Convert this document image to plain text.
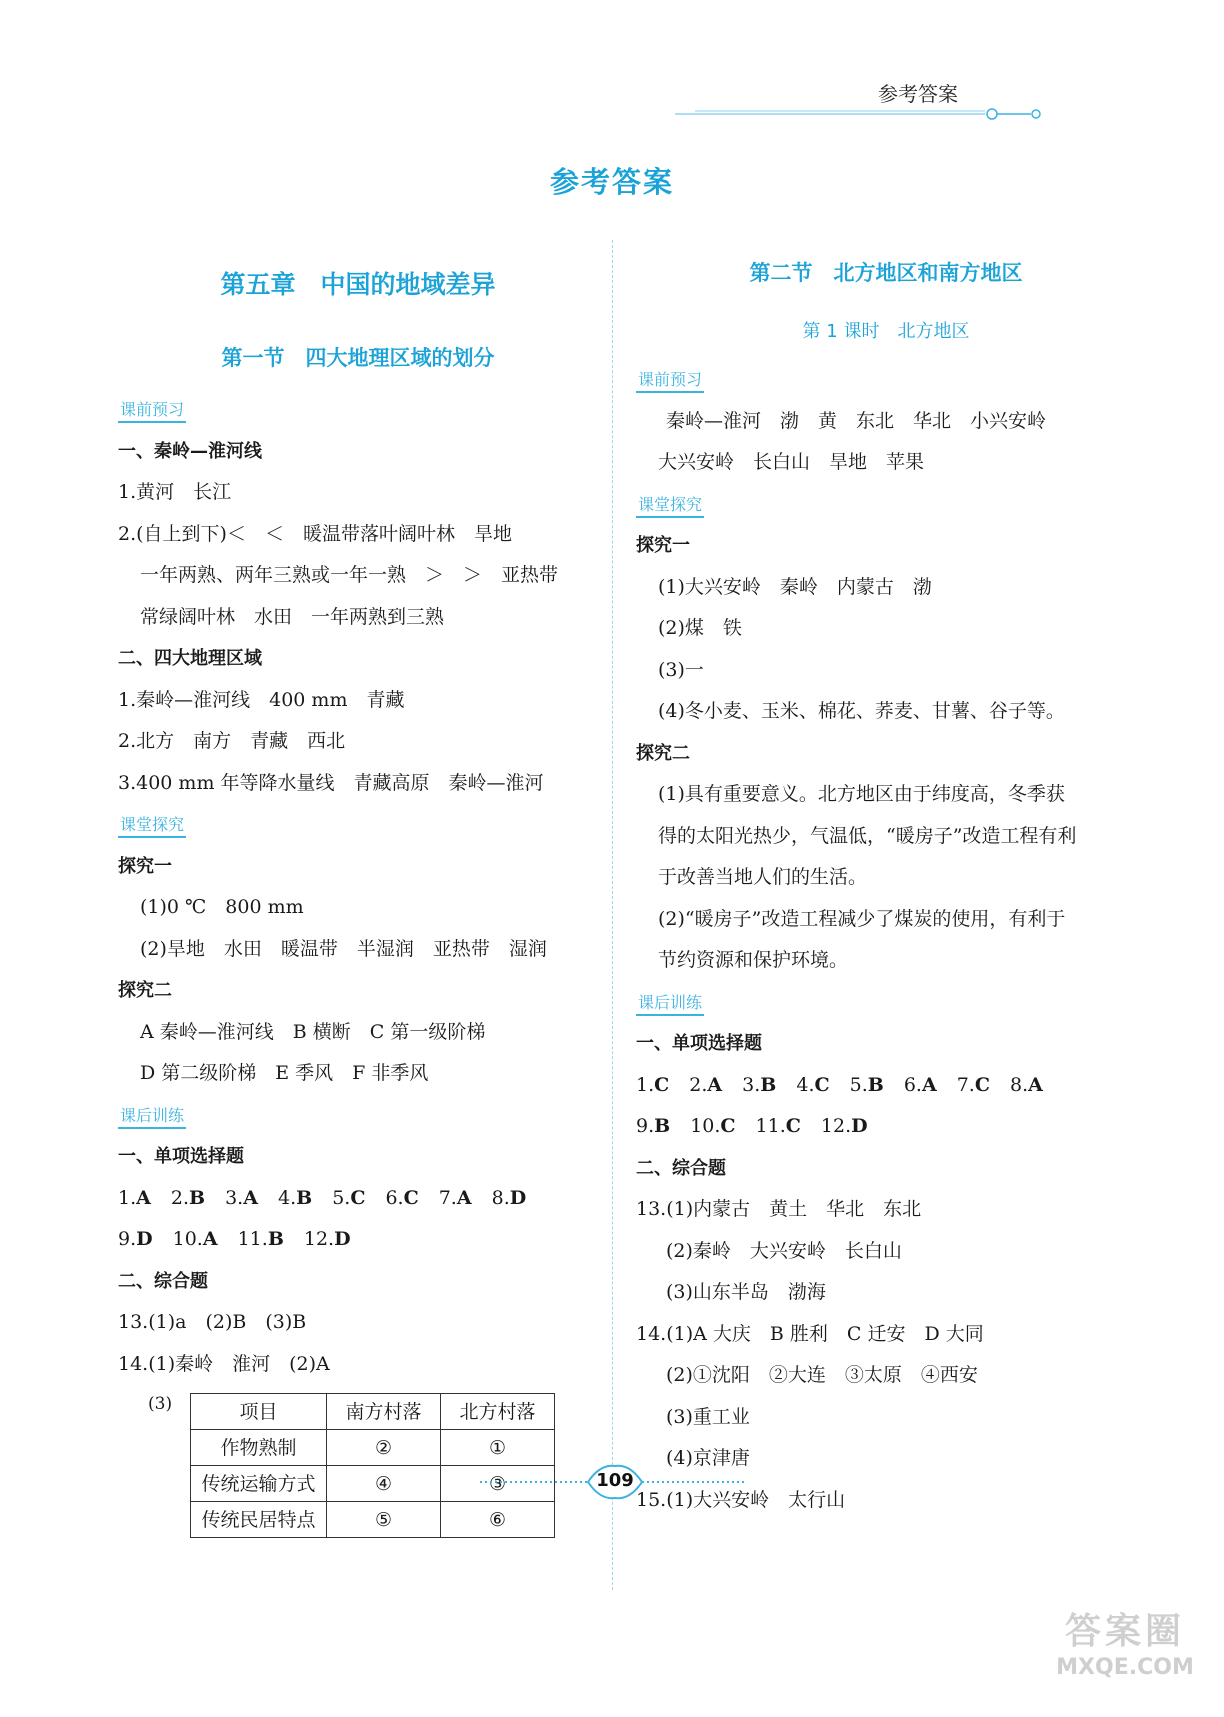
参考答案
参考答案
第五章　中国的地域差异
第一节　四大地理区域的划分
课前预习
一、秦岭—淮河线
1.黄河　长江
2.(自上到下)＜　＜　暖温带落叶阔叶林　旱地
一年两熟、两年三熟或一年一熟　＞　＞　亚热带
常绿阔叶林　水田　一年两熟到三熟
二、四大地理区域
1.秦岭—淮河线　400 mm　青藏
2.北方　南方　青藏　西北
3.400 mm 年等降水量线　青藏高原　秦岭—淮河
课堂探究
探究一
(1)0 ℃　800 mm
(2)旱地　水田　暖温带　半湿润　亚热带　湿润
探究二
A 秦岭—淮河线　B 横断　C 第一级阶梯
D 第二级阶梯　E 季风　F 非季风
课后训练
一、单项选择题
1.A 2.B 3.A 4.B 5.C 6.C 7.A 8.D
9.D 10.A 11.B 12.D
二、综合题
13.(1)a　(2)B　(3)B
14.(1)秦岭　淮河　(2)A
(3)	项目	南方村落	北方村落
作物熟制	②	①
传统运输方式	④	③
传统民居特点	⑤	⑥
第二节　北方地区和南方地区
第 1 课时　北方地区
课前预习
秦岭—淮河　渤　黄　东北　华北　小兴安岭
大兴安岭　长白山　旱地　苹果
课堂探究
探究一
(1)大兴安岭　秦岭　内蒙古　渤
(2)煤　铁
(3)一
(4)冬小麦、玉米、棉花、荞麦、甘薯、谷子等。
探究二
(1)具有重要意义。北方地区由于纬度高，冬季获
得的太阳光热少，气温低，“暖房子”改造工程有利
于改善当地人们的生活。
(2)“暖房子”改造工程减少了煤炭的使用，有利于
节约资源和保护环境。
课后训练
一、单项选择题
1.C 2.A 3.B 4.C 5.B 6.A 7.C 8.A
9.B 10.C 11.C 12.D
二、综合题
13.(1)内蒙古　黄土　华北　东北
(2)秦岭　大兴安岭　长白山
(3)山东半岛　渤海
14.(1)A 大庆　B 胜利　C 迁安　D 大同
(2)①沈阳　②大连　③太原　④西安
(3)重工业
(4)京津唐
15.(1)大兴安岭　太行山
109
答案圈
MXQE.COM
